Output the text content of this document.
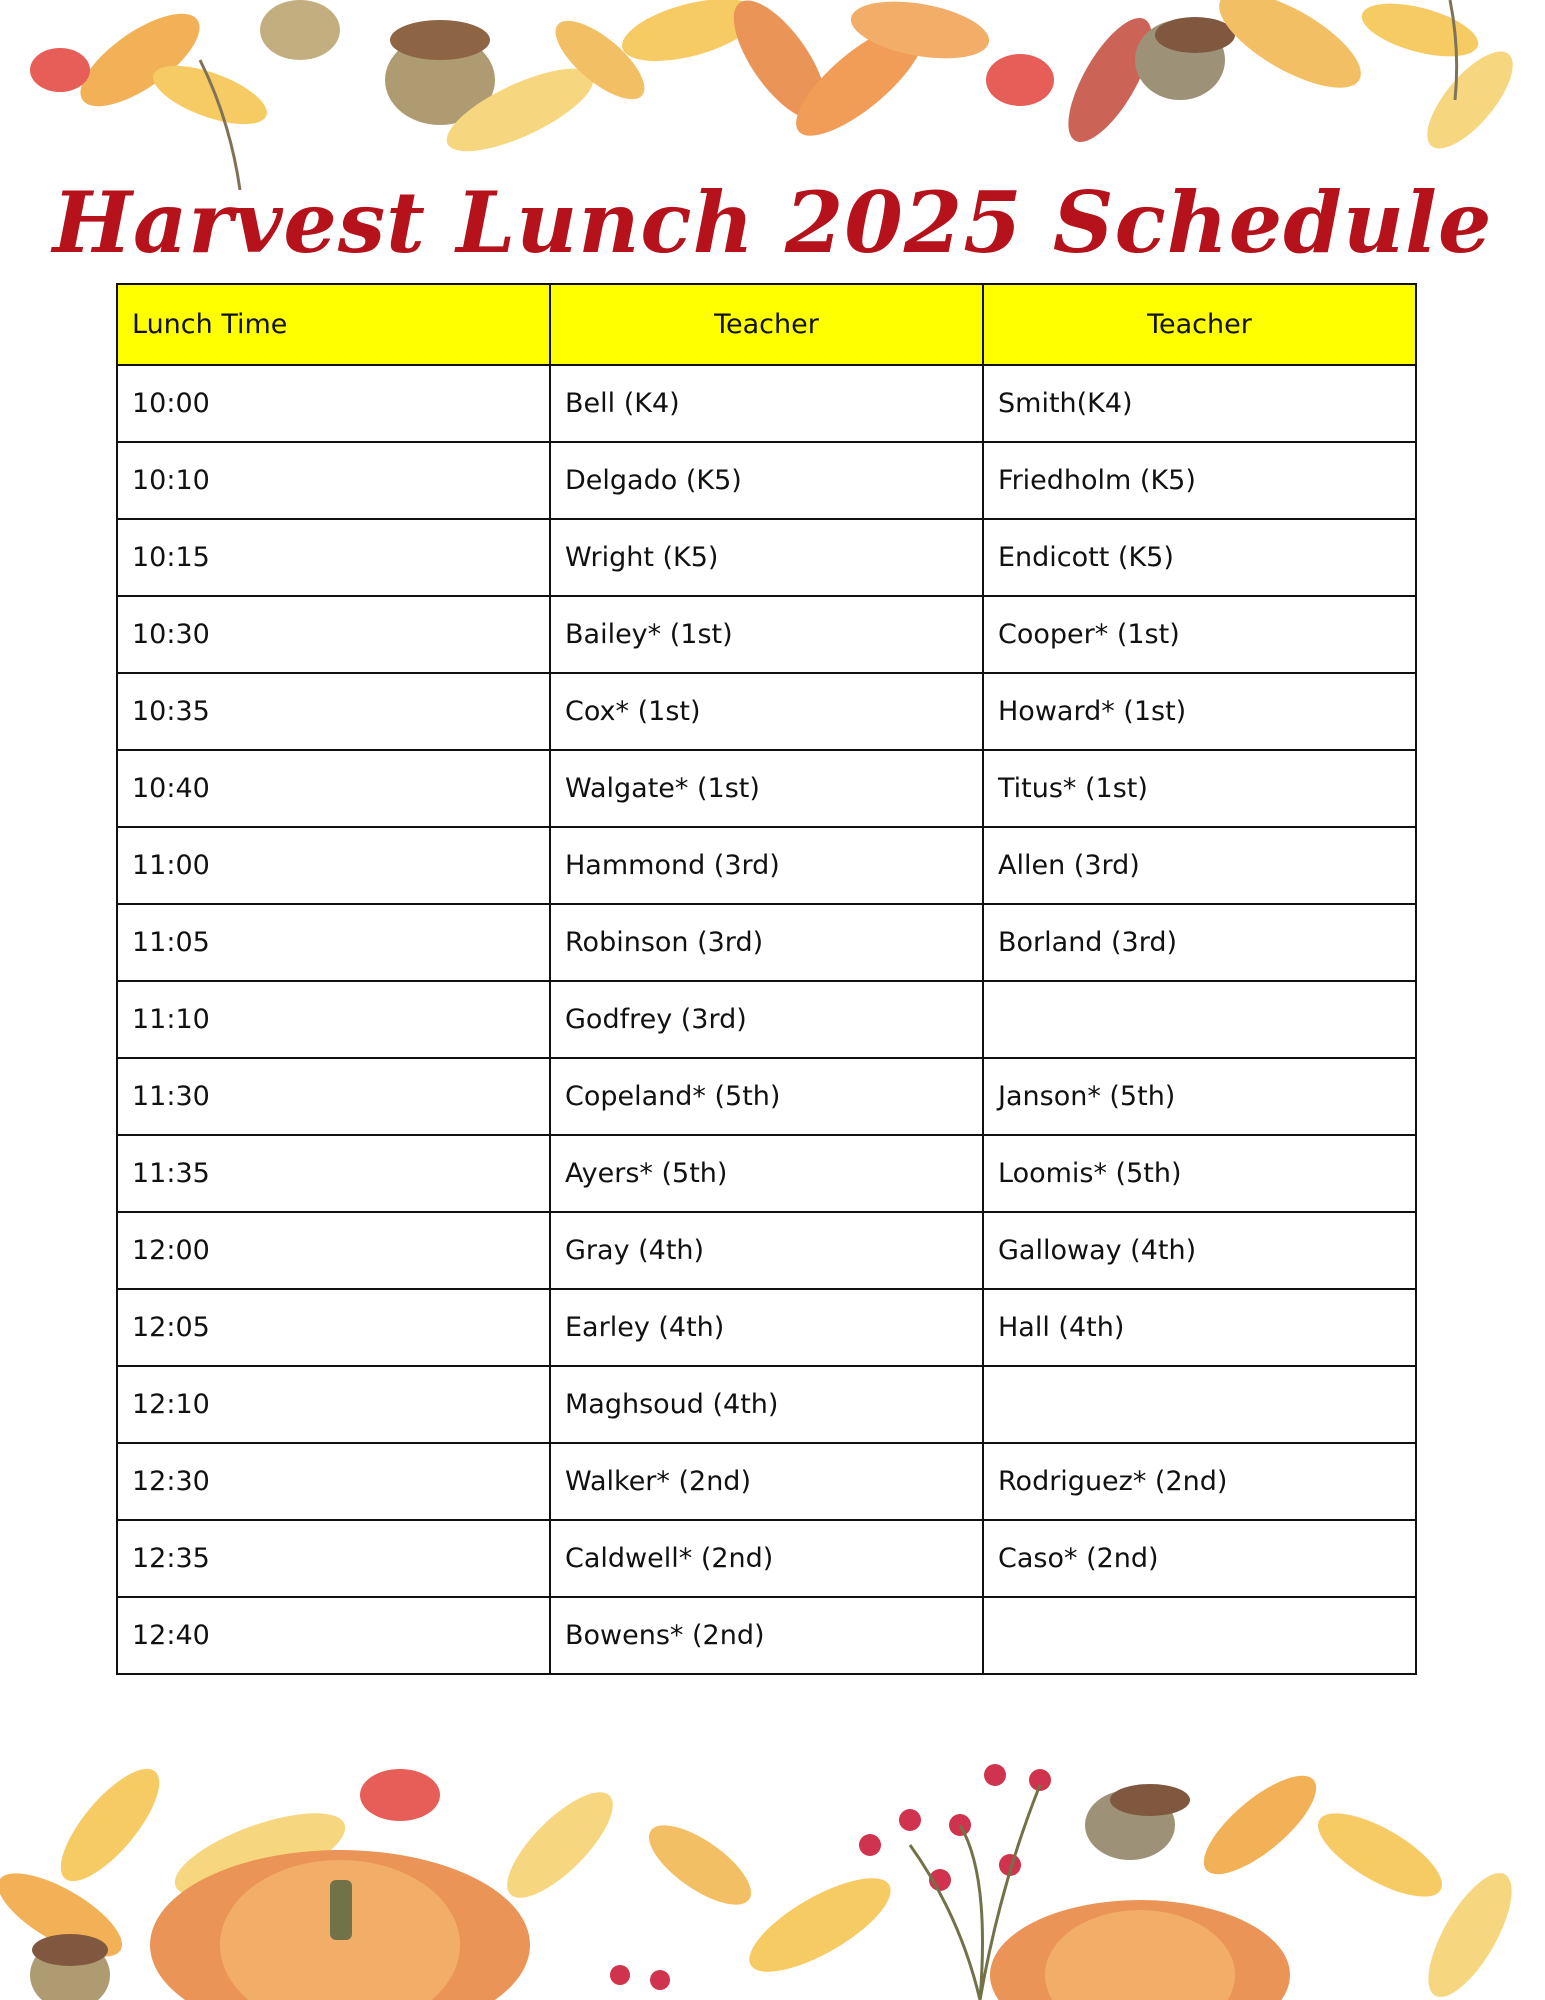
Harvest Lunch 2025 Schedule
Lunch Time	Teacher	Teacher
10:00	Bell (K4)	Smith(K4)
10:10	Delgado (K5)	Friedholm (K5)
10:15	Wright (K5)	Endicott (K5)
10:30	Bailey* (1st)	Cooper* (1st)
10:35	Cox* (1st)	Howard* (1st)
10:40	Walgate* (1st)	Titus* (1st)
11:00	Hammond (3rd)	Allen (3rd)
11:05	Robinson (3rd)	Borland (3rd)
11:10	Godfrey (3rd)	
11:30	Copeland* (5th)	Janson* (5th)
11:35	Ayers* (5th)	Loomis* (5th)
12:00	Gray (4th)	Galloway (4th)
12:05	Earley (4th)	Hall (4th)
12:10	Maghsoud (4th)	
12:30	Walker* (2nd)	Rodriguez* (2nd)
12:35	Caldwell* (2nd)	Caso* (2nd)
12:40	Bowens* (2nd)	
